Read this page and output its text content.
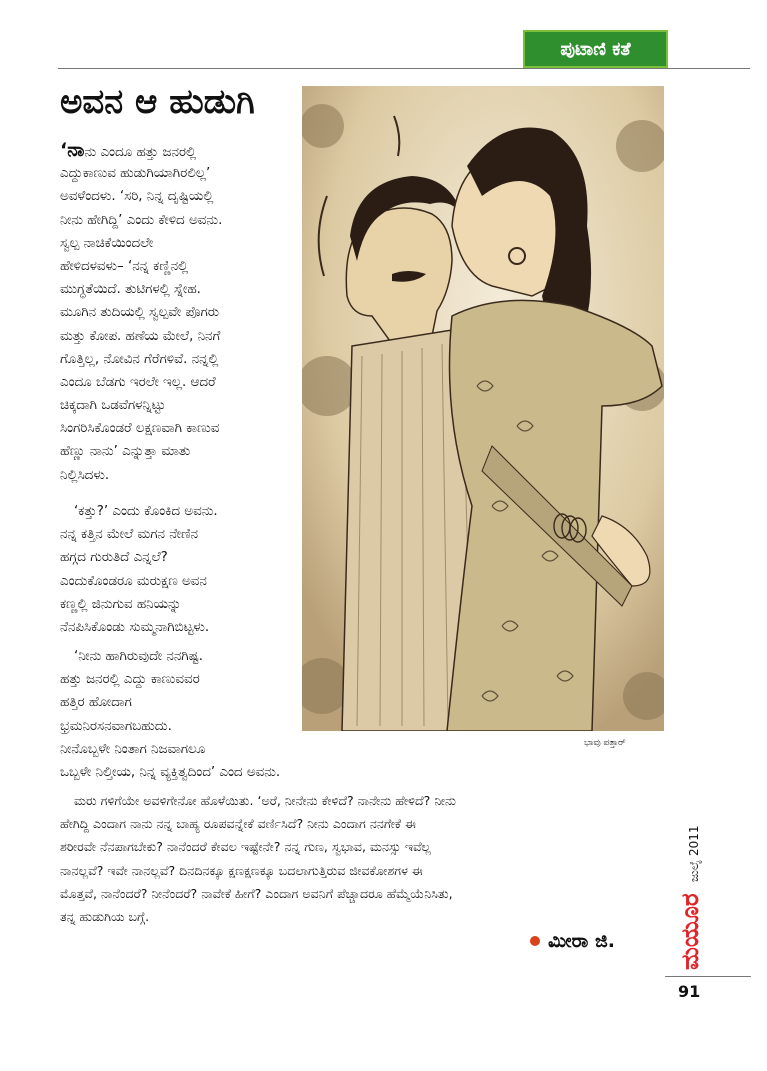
ಪುಟಾಣಿ ಕತೆ
ಅವನ ಆ ಹುಡುಗಿ
ಭಾವು ಪತ್ತಾರ್
‘ನಾನು ಎಂದೂ ಹತ್ತು ಜನರಲ್ಲಿ
ಎದ್ದುಕಾಣುವ ಹುಡುಗಿಯಾಗಿರಲಿಲ್ಲ’
ಅವಳೆಂದಳು. ‘ಸರಿ, ನಿನ್ನ ದೃಷ್ಟಿಯಲ್ಲಿ
ನೀನು ಹೇಗಿದ್ದಿ’ ಎಂದು ಕೇಳಿದ ಅವನು.
ಸ್ವಲ್ಪ ನಾಚಿಕೆಯಿಂದಲೇ
ಹೇಳಿದಳವಳು– ‘ನನ್ನ ಕಣ್ಣಿನಲ್ಲಿ
ಮುಗ್ಧತೆಯಿದೆ. ತುಟಿಗಳಲ್ಲಿ ಸ್ನೇಹ.
ಮೂಗಿನ ತುದಿಯಲ್ಲಿ ಸ್ವಲ್ಪವೇ ಪೊಗರು
ಮತ್ತು ಕೋಪ. ಹಣೆಯ ಮೇಲೆ, ನಿನಗೆ
ಗೊತ್ತಿಲ್ಲ, ನೋವಿನ ಗೆರೆಗಳಿವೆ. ನನ್ನಲ್ಲಿ
ಎಂದೂ ಬೆಡಗು ಇರಲೇ ಇಲ್ಲ. ಆದರೆ
ಚಿಕ್ಕದಾಗಿ ಒಡವೆಗಳನ್ನಿಟ್ಟು
ಸಿಂಗರಿಸಿಕೊಂಡರೆ ಲಕ್ಷಣವಾಗಿ ಕಾಣುವ
ಹೆಣ್ಣು ನಾನು’ ಎನ್ನುತ್ತಾ ಮಾತು
ನಿಲ್ಲಿಸಿದಳು.
‘ಕತ್ತು?’ ಎಂದು ಕೊಂಕಿದ ಅವನು.
ನನ್ನ ಕತ್ತಿನ ಮೇಲೆ ಮಗನ ನೇಣಿನ
ಹಗ್ಗದ ಗುರುತಿದೆ ಎನ್ನಲೆ?
ಎಂದುಕೊಂಡರೂ ಮರುಕ್ಷಣ ಅವನ
ಕಣ್ಣಲ್ಲಿ ಜಿನುಗುವ ಹನಿಯನ್ನು
ನೆನಪಿಸಿಕೊಂಡು ಸುಮ್ಮನಾಗಿಬಿಟ್ಟಳು.
‘ನೀನು ಹಾಗಿರುವುದೇ ನನಗಿಷ್ಟ.
ಹತ್ತು ಜನರಲ್ಲಿ ಎದ್ದು ಕಾಣುವವರ
ಹತ್ತಿರ ಹೋದಾಗ
ಭ್ರಮನಿರಸನವಾಗಬಹುದು.
ನೀನೊಬ್ಬಳೇ ನಿಂತಾಗ ನಿಜವಾಗಲೂ
ಒಬ್ಬಳೇ ನಿಲ್ತೀಯ, ನಿನ್ನ ವ್ಯಕ್ತಿತ್ವದಿಂದ’ ಎಂದ ಅವನು.
ಮರು ಗಳಿಗೆಯೇ ಅವಳಿಗೇನೋ ಹೊಳೆಯಿತು. ‘ಅರೆ, ನೀನೇನು ಕೇಳಿದೆ? ನಾನೇನು ಹೇಳಿದೆ? ನೀನು
ಹೇಗಿದ್ದಿ ಎಂದಾಗ ನಾನು ನನ್ನ ಬಾಹ್ಯ ರೂಪವನ್ನೇಕೆ ವರ್ಣಿಸಿದೆ? ನೀನು ಎಂದಾಗ ನನಗೇಕೆ ಈ
ಶರೀರವೇ ನೆನಪಾಗಬೇಕು? ನಾನೆಂದರೆ ಕೇವಲ ಇಷ್ಟೇನೇ? ನನ್ನ ಗುಣ, ಸ್ವಭಾವ, ಮನಸ್ಸು ಇವೆಲ್ಲ
ನಾನಲ್ಲವೆ? ಇವೇ ನಾನಲ್ಲವೆ? ದಿನದಿನಕ್ಕೂ ಕ್ಷಣಕ್ಷಣಕ್ಕೂ ಬದಲಾಗುತ್ತಿರುವ ಜೀವಕೋಶಗಳ ಈ
ಮೊತ್ತವೆ, ನಾನೆಂದರೆ? ನೀನೆಂದರೆ? ನಾವೇಕೆ ಹೀಗೆ? ಎಂದಾಗ ಅವನಿಗೆ ಪೆಚ್ಚಾದರೂ ಹೆಮ್ಮೆಯೆನಿಸಿತು,
ತನ್ನ ಹುಡುಗಿಯ ಬಗ್ಗೆ.
ಮೀರಾ ಜಿ.
ಜುಲೈ 2011
ಮಯೂರ
91
